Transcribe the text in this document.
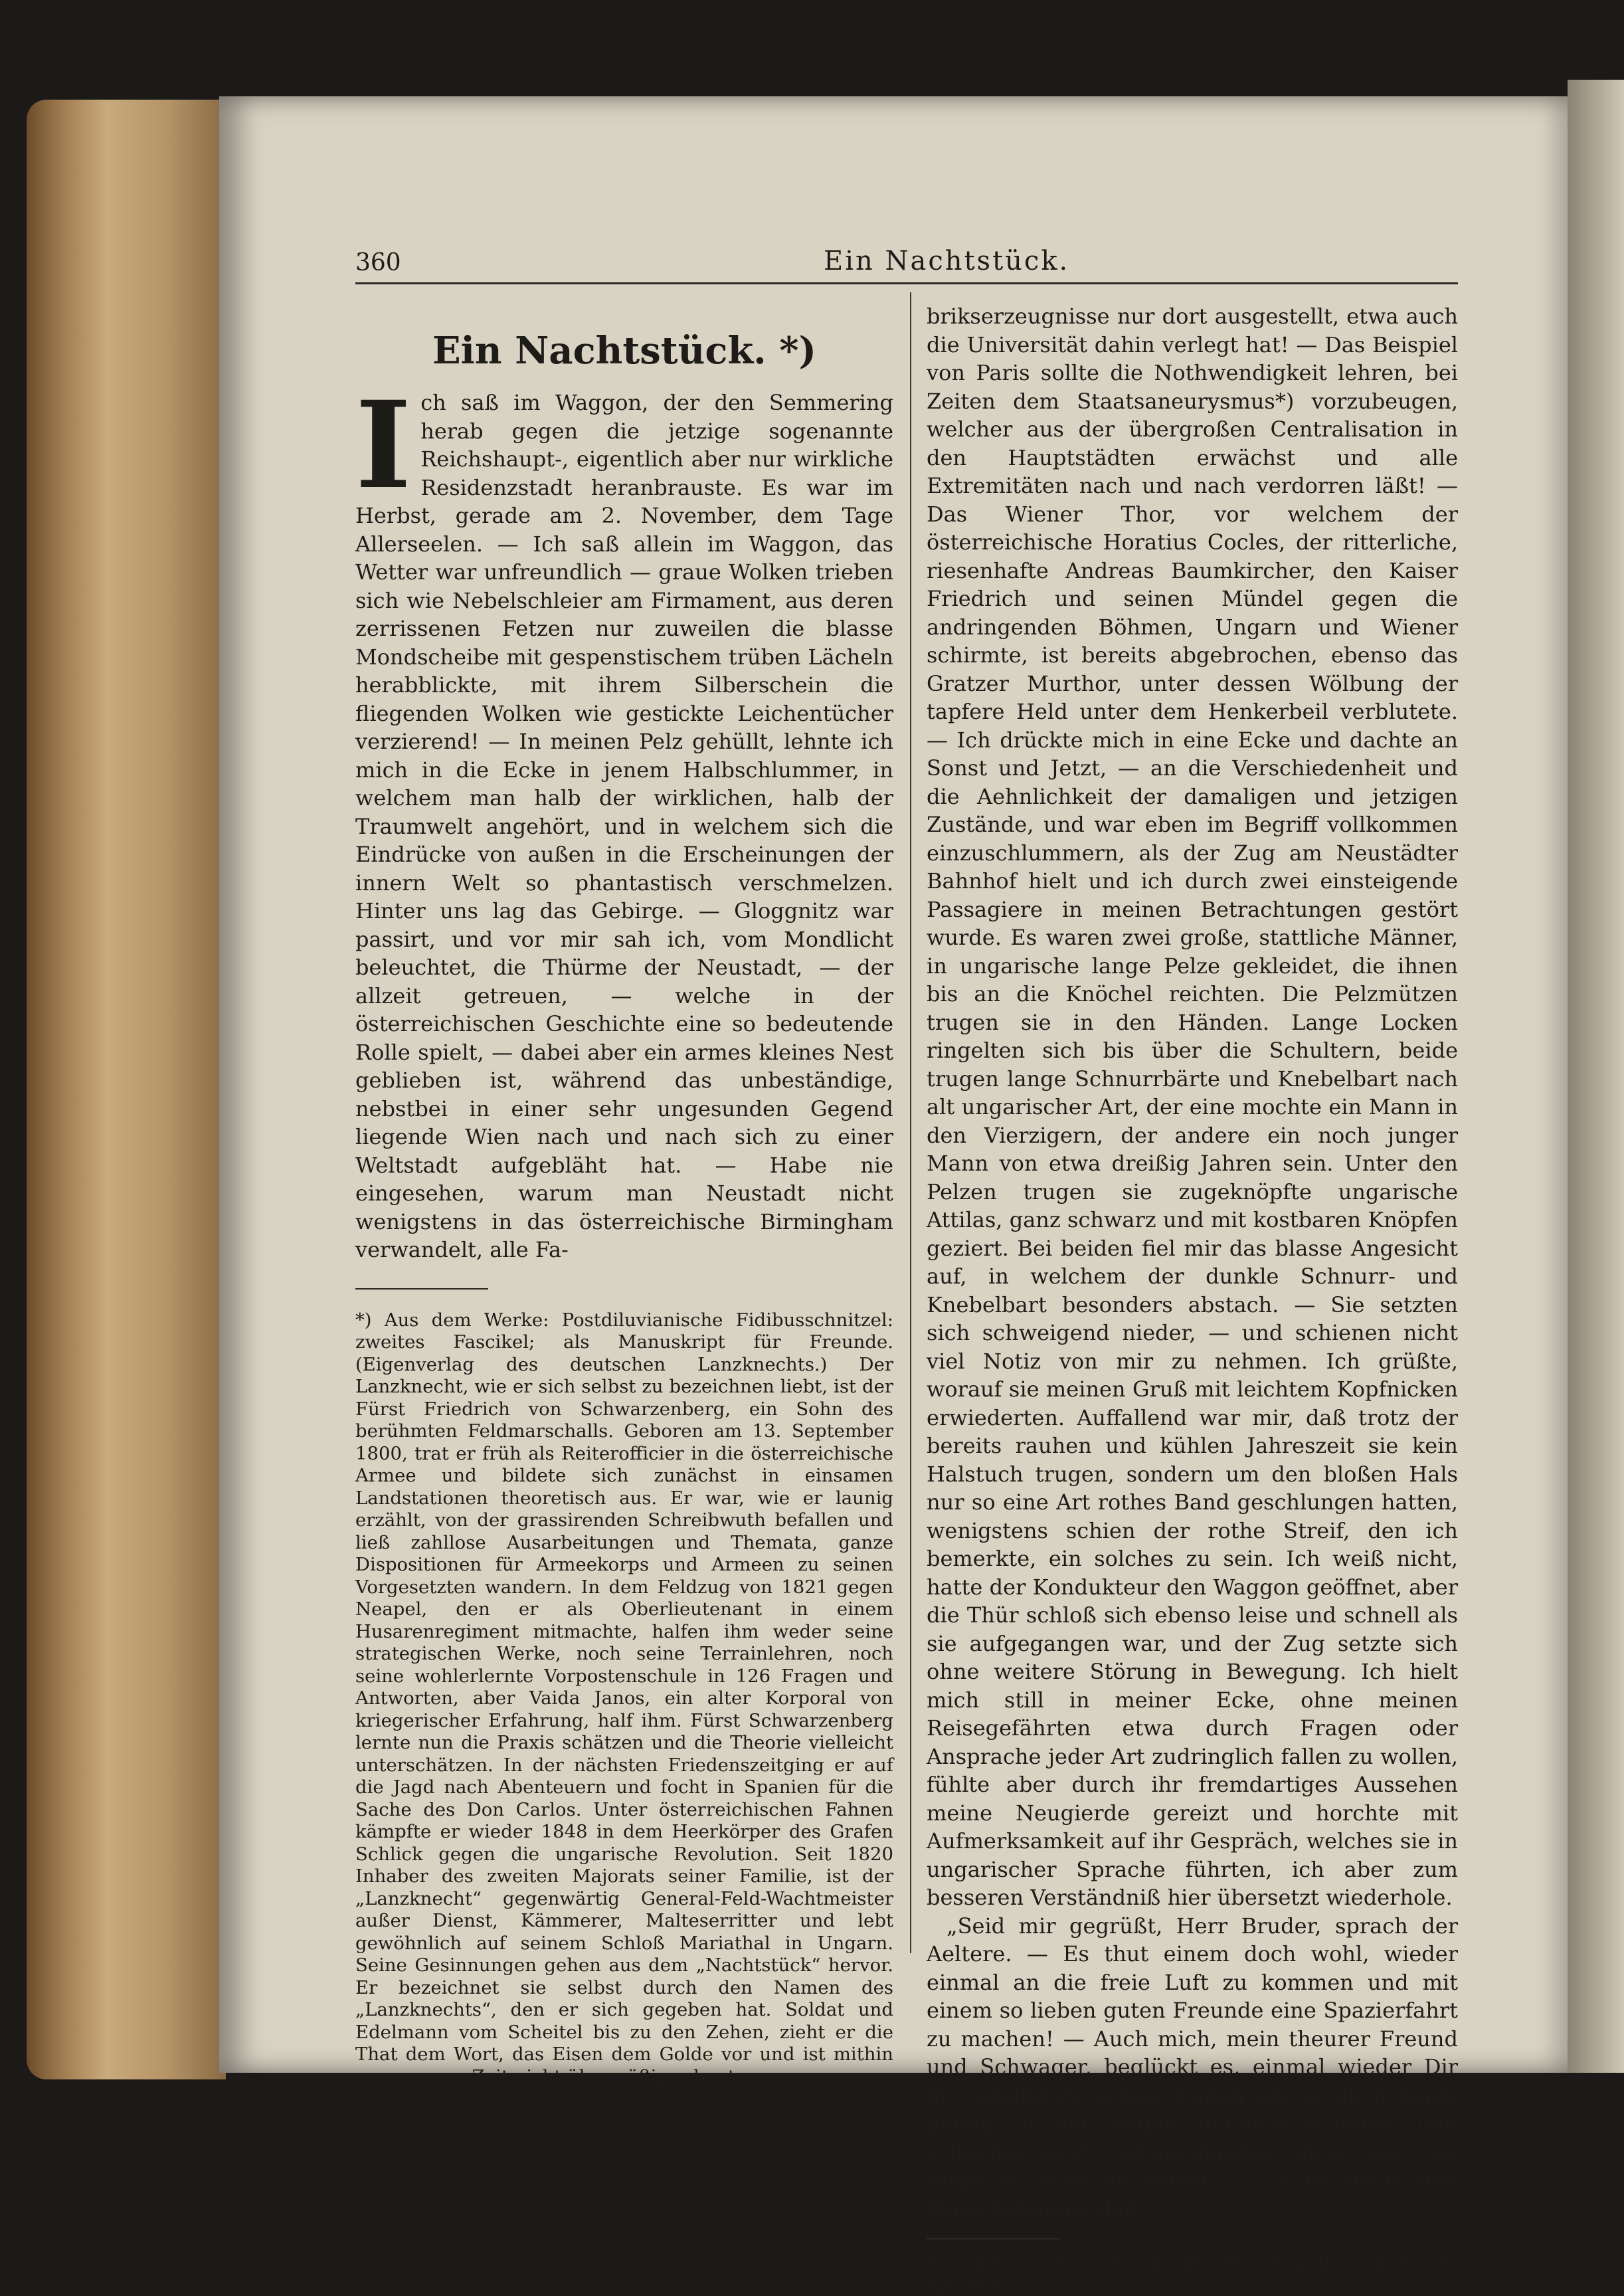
360	Ein Nachtstück.
Ein Nachtstück. *)

Ich saß im Waggon, der den Semmering herab gegen die jetzige sogenannte Reichshaupt-, eigentlich aber nur wirkliche Residenzstadt heranbrauste. Es war im Herbst, gerade am 2. November, dem Tage Allerseelen. — Ich saß allein im Waggon, das Wetter war unfreundlich — graue Wolken trieben sich wie Nebelschleier am Firmament, aus deren zerrissenen Fetzen nur zuweilen die blasse Mondscheibe mit gespenstischem trüben Lächeln herabblickte, mit ihrem Silberschein die fliegenden Wolken wie gestickte Leichentücher verzierend! — In meinen Pelz gehüllt, lehnte ich mich in die Ecke in jenem Halbschlummer, in welchem man halb der wirklichen, halb der Traumwelt angehört, und in welchem sich die Eindrücke von außen in die Erscheinungen der innern Welt so phantastisch verschmelzen. Hinter uns lag das Gebirge. — Gloggnitz war passirt, und vor mir sah ich, vom Mondlicht beleuchtet, die Thürme der Neustadt, — der allzeit getreuen, — welche in der österreichischen Geschichte eine so bedeutende Rolle spielt, — dabei aber ein armes kleines Nest geblieben ist, während das unbeständige, nebstbei in einer sehr ungesunden Gegend liegende Wien nach und nach sich zu einer Weltstadt aufgebläht hat. — Habe nie eingesehen, warum man Neustadt nicht wenigstens in das österreichische Birmingham verwandelt, alle Fa-

*) Aus dem Werke: Postdiluvianische Fidibusschnitzel: zweites Fascikel; als Manuskript für Freunde. (Eigenverlag des deutschen Lanzknechts.) Der Lanzknecht, wie er sich selbst zu bezeichnen liebt, ist der Fürst Friedrich von Schwarzenberg, ein Sohn des berühmten Feldmarschalls. Geboren am 13. September 1800, trat er früh als Reiterofficier in die österreichische Armee und bildete sich zunächst in einsamen Landstationen theoretisch aus. Er war, wie er launig erzählt, von der grassirenden Schreibwuth befallen und ließ zahllose Ausarbeitungen und Themata, ganze Dispositionen für Armeekorps und Armeen zu seinen Vorgesetzten wandern. In dem Feldzug von 1821 gegen Neapel, den er als Oberlieutenant in einem Husarenregiment mitmachte, halfen ihm weder seine strategischen Werke, noch seine Terrainlehren, noch seine wohlerlernte Vorpostenschule in 126 Fragen und Antworten, aber Vaida Janos, ein alter Korporal von kriegerischer Erfahrung, half ihm. Fürst Schwarzenberg lernte nun die Praxis schätzen und die Theorie vielleicht unterschätzen. In der nächsten Friedenszeitging er auf die Jagd nach Abenteuern und focht in Spanien für die Sache des Don Carlos. Unter österreichischen Fahnen kämpfte er wieder 1848 in dem Heerkörper des Grafen Schlick gegen die ungarische Revolution. Seit 1820 Inhaber des zweiten Majorats seiner Familie, ist der „Lanzknecht“ gegenwärtig General-Feld-Wachtmeister außer Dienst, Kämmerer, Malteserritter und lebt gewöhnlich auf seinem Schloß Mariathal in Ungarn. Seine Gesinnungen gehen aus dem „Nachtstück“ hervor. Er bezeichnet sie selbst durch den Namen des „Lanzknechts“, den er sich gegeben hat. Soldat und Edelmann vom Scheitel bis zu den Zehen, zieht er die That dem Wort, das Eisen dem Golde vor und ist mithin von unserer Zeit nicht übermäßig erbaut.

brikserzeugnisse nur dort ausgestellt, etwa auch die Universität dahin verlegt hat! — Das Beispiel von Paris sollte die Nothwendigkeit lehren, bei Zeiten dem Staatsaneurysmus*) vorzubeugen, welcher aus der übergroßen Centralisation in den Hauptstädten erwächst und alle Extremitäten nach und nach verdorren läßt! — Das Wiener Thor, vor welchem der österreichische Horatius Cocles, der ritterliche, riesenhafte Andreas Baumkircher, den Kaiser Friedrich und seinen Mündel gegen die andringenden Böhmen, Ungarn und Wiener schirmte, ist bereits abgebrochen, ebenso das Gratzer Murthor, unter dessen Wölbung der tapfere Held unter dem Henkerbeil verblutete. — Ich drückte mich in eine Ecke und dachte an Sonst und Jetzt, — an die Verschiedenheit und die Aehnlichkeit der damaligen und jetzigen Zustände, und war eben im Begriff vollkommen einzuschlummern, als der Zug am Neustädter Bahnhof hielt und ich durch zwei einsteigende Passagiere in meinen Betrachtungen gestört wurde. Es waren zwei große, stattliche Männer, in ungarische lange Pelze gekleidet, die ihnen bis an die Knöchel reichten. Die Pelzmützen trugen sie in den Händen. Lange Locken ringelten sich bis über die Schultern, beide trugen lange Schnurrbärte und Knebelbart nach alt ungarischer Art, der eine mochte ein Mann in den Vierzigern, der andere ein noch junger Mann von etwa dreißig Jahren sein. Unter den Pelzen trugen sie zugeknöpfte ungarische Attilas, ganz schwarz und mit kostbaren Knöpfen geziert. Bei beiden fiel mir das blasse Angesicht auf, in welchem der dunkle Schnurr- und Knebelbart besonders abstach. — Sie setzten sich schweigend nieder, — und schienen nicht viel Notiz von mir zu nehmen. Ich grüßte, worauf sie meinen Gruß mit leichtem Kopfnicken erwiederten. Auffallend war mir, daß trotz der bereits rauhen und kühlen Jahreszeit sie kein Halstuch trugen, sondern um den bloßen Hals nur so eine Art rothes Band geschlungen hatten, wenigstens schien der rothe Streif, den ich bemerkte, ein solches zu sein. Ich weiß nicht, hatte der Kondukteur den Waggon geöffnet, aber die Thür schloß sich ebenso leise und schnell als sie aufgegangen war, und der Zug setzte sich ohne weitere Störung in Bewegung. Ich hielt mich still in meiner Ecke, ohne meinen Reisegefährten etwa durch Fragen oder Ansprache jeder Art zudringlich fallen zu wollen, fühlte aber durch ihr fremdartiges Aussehen meine Neugierde gereizt und horchte mit Aufmerksamkeit auf ihr Gespräch, welches sie in ungarischer Sprache führten, ich aber zum besseren Verständniß hier übersetzt wiederhole.

„Seid mir gegrüßt, Herr Bruder, sprach der Aeltere. — Es thut einem doch wohl, wieder einmal an die freie Luft zu kommen und mit einem so lieben guten Freunde eine Spazierfahrt zu machen! — Auch mich, mein theurer Freund und Schwager, beglückt es, einmal wieder Dir in's Antlitz zu sehen. Lagen wir ja doch lange genug in der engen dunklen Kammer und schliefen sanft nebeneinander, ohne uns von Auge zu Auge zu sehen. — Es ist doch eine Vergünstigung, daß

*) Aneurysmen sind krankhafte Erweiterungen der Arterien.
